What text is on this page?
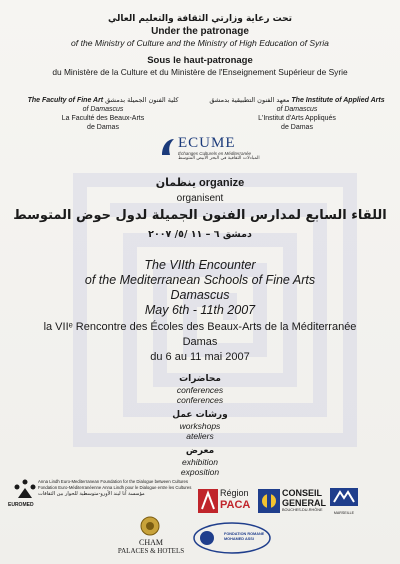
تحت رعاية وزارتي الثقافة والتعليم العالي
Under the patronage
of the Ministry of Culture and the Ministry of High Education of Syria
Sous le haut-patronage
du Ministère de la Culture et du Ministère de l'Enseignement Supérieur de Syrie
The Faculty of Fine Art كلية الفنون الجميلة بدمشق
of Damascus
La Faculté des Beaux-Arts
de Damas
معهد الفنون التطبيقية بدمشق The Institute of Applied Arts
of Damascus
L'Institut d'Arts Appliqués
de Damas
ECUME
Échanges Culturels en Méditerranée
المبادلات الثقافية في البحر الأبيض المتوسط
ينظمان organize
organisent
اللقاء السابع لمدارس الفنون الجميلة لدول حوض المتوسط
دمشق ٦ – ١١ /٥/ ٢٠٠٧
The VIIth Encounter
of the Mediterranean Schools of Fine Arts
Damascus
May 6th - 11th 2007
la VIIᵉ Rencontre des Écoles des Beaux-Arts de la Méditerranée
Damas
du 6 au 11 mai 2007
محاضرات
conferences
conferences
ورشات عمل
workshops
ateliers
معرض
exhibition
exposition
EUROMED
Anna Lindh Euro-Mediterranean Foundation for the Dialogue between Cultures
Fondation Euro-Méditerranéenne Anna Lindh pour le Dialogue entre les Cultures
مؤسسة آنا ليند الأورو-متوسطية للحوار بين الثقافات	Région
PACA
CONSEIL
GENERAL
BOUCHES-DU-RHÔNE
MARSEILLE
CHAM
PALACES & HOTELS
FONDATION ROMANE MOHAMED ASSI
